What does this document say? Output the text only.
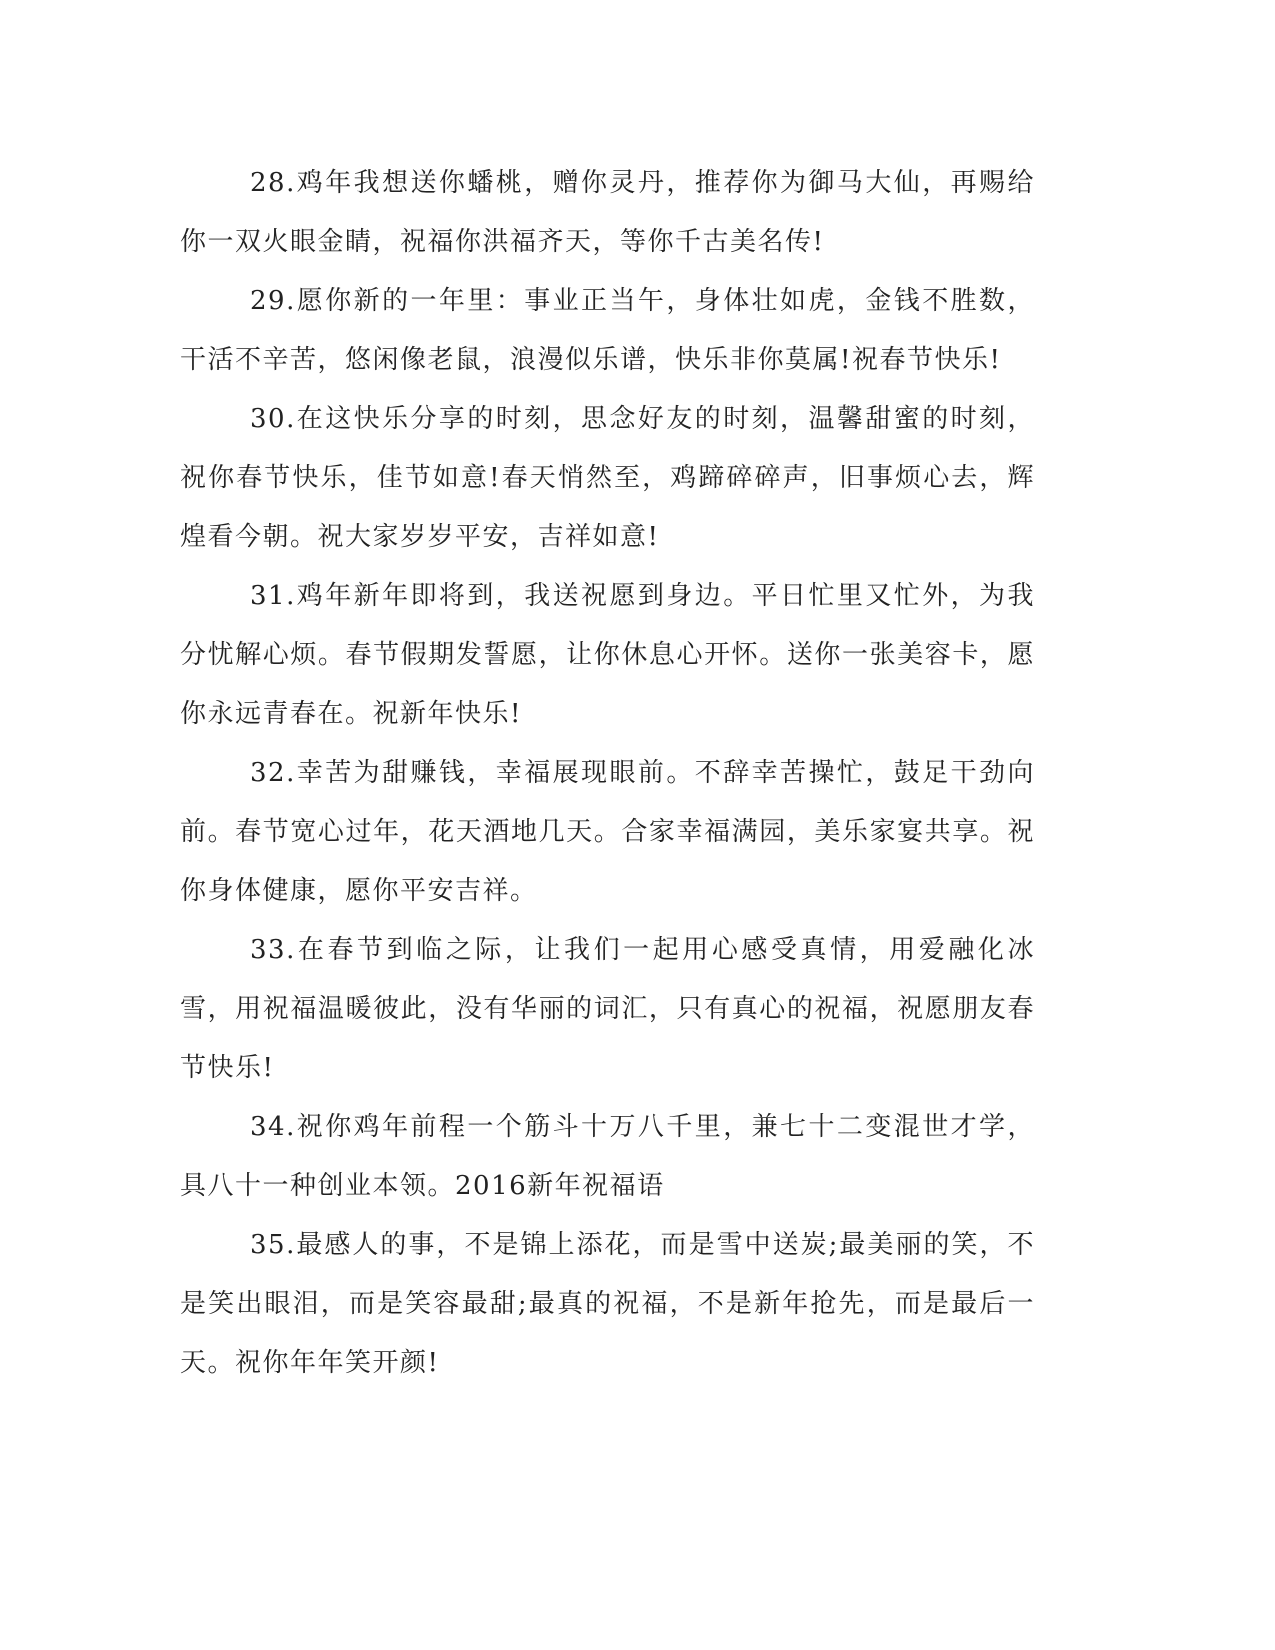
28.鸡年我想送你蟠桃，赠你灵丹，推荐你为御马大仙，再赐给你一双火眼金睛，祝福你洪福齐天，等你千古美名传!

29.愿你新的一年里：事业正当午，身体壮如虎，金钱不胜数，干活不辛苦，悠闲像老鼠，浪漫似乐谱，快乐非你莫属!祝春节快乐!

30.在这快乐分享的时刻，思念好友的时刻，温馨甜蜜的时刻，祝你春节快乐，佳节如意!春天悄然至，鸡蹄碎碎声，旧事烦心去，辉煌看今朝。祝大家岁岁平安，吉祥如意!

31.鸡年新年即将到，我送祝愿到身边。平日忙里又忙外，为我分忧解心烦。春节假期发誓愿，让你休息心开怀。送你一张美容卡，愿你永远青春在。祝新年快乐!

32.幸苦为甜赚钱，幸福展现眼前。不辞幸苦操忙，鼓足干劲向前。春节宽心过年，花天酒地几天。合家幸福满园，美乐家宴共享。祝你身体健康，愿你平安吉祥。

33.在春节到临之际，让我们一起用心感受真情，用爱融化冰雪，用祝福温暖彼此，没有华丽的词汇，只有真心的祝福，祝愿朋友春节快乐!

34.祝你鸡年前程一个筋斗十万八千里，兼七十二变混世才学，具八十一种创业本领。2016新年祝福语

35.最感人的事，不是锦上添花，而是雪中送炭;最美丽的笑，不是笑出眼泪，而是笑容最甜;最真的祝福，不是新年抢先，而是最后一天。祝你年年笑开颜!
